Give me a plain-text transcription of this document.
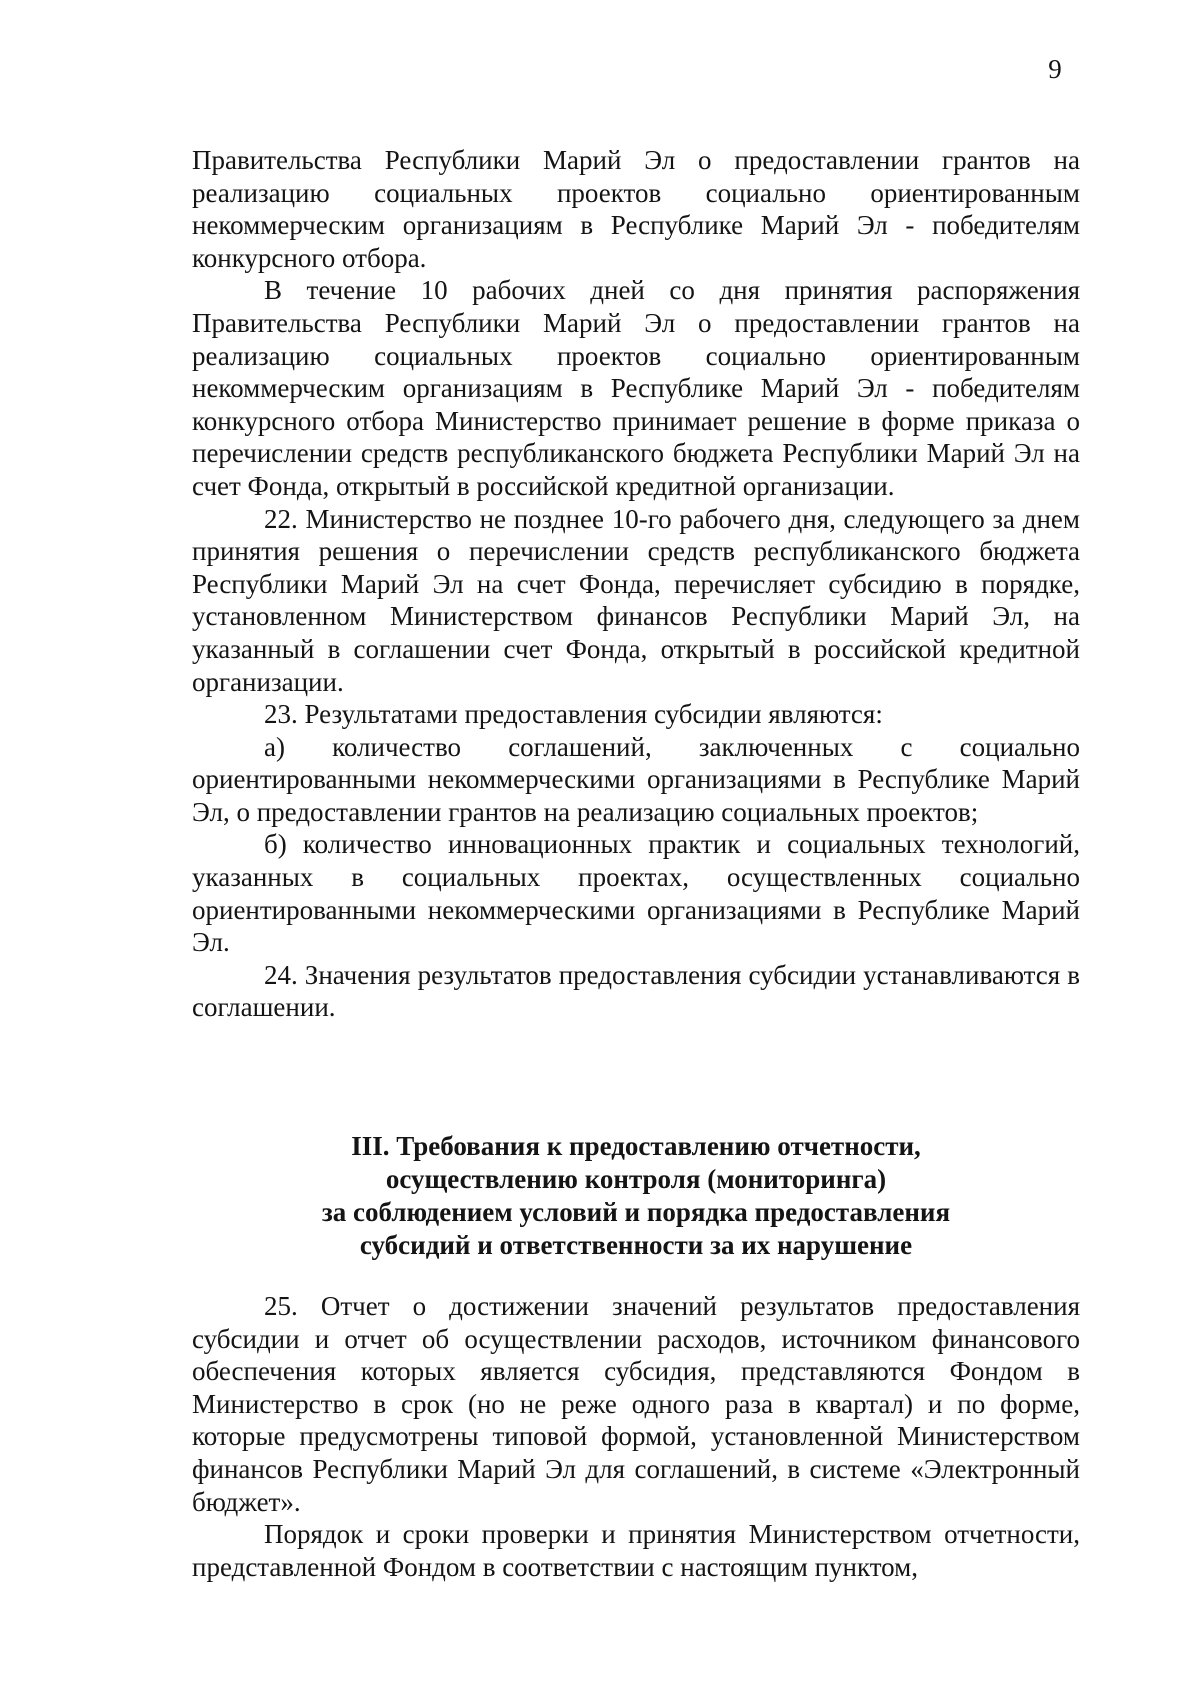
9

Правительства Республики Марий Эл о предоставлении грантов на реализацию социальных проектов социально ориентированным некоммерческим организациям в Республике Марий Эл - победителям конкурсного отбора.

В течение 10 рабочих дней со дня принятия распоряжения Правительства Республики Марий Эл о предоставлении грантов на реализацию социальных проектов социально ориентированным некоммерческим организациям в Республике Марий Эл - победителям конкурсного отбора Министерство принимает решение в форме приказа о перечислении средств республиканского бюджета Республики Марий Эл на счет Фонда, открытый в российской кредитной организации.

22. Министерство не позднее 10-го рабочего дня, следующего за днем принятия решения о перечислении средств республиканского бюджета Республики Марий Эл на счет Фонда, перечисляет субсидию в порядке, установленном Министерством финансов Республики Марий Эл, на указанный в соглашении счет Фонда, открытый в российской кредитной организации.

23. Результатами предоставления субсидии являются:

а) количество соглашений, заключенных с социально ориентированными некоммерческими организациями в Республике Марий Эл, о предоставлении грантов на реализацию социальных проектов;

б) количество инновационных практик и социальных технологий, указанных в социальных проектах, осуществленных социально ориентированными некоммерческими организациями в Республике Марий Эл.

24. Значения результатов предоставления субсидии устанавливаются в соглашении.

III. Требования к предоставлению отчетности,
осуществлению контроля (мониторинга)
за соблюдением условий и порядка предоставления
субсидий и ответственности за их нарушение

25. Отчет о достижении значений результатов предоставления субсидии и отчет об осуществлении расходов, источником финансового обеспечения которых является субсидия, представляются Фондом в Министерство в срок (но не реже одного раза в квартал) и по форме, которые предусмотрены типовой формой, установленной Министерством финансов Республики Марий Эл для соглашений, в системе «Электронный бюджет».

Порядок и сроки проверки и принятия Министерством отчетности, представленной Фондом в соответствии с настоящим пунктом,
